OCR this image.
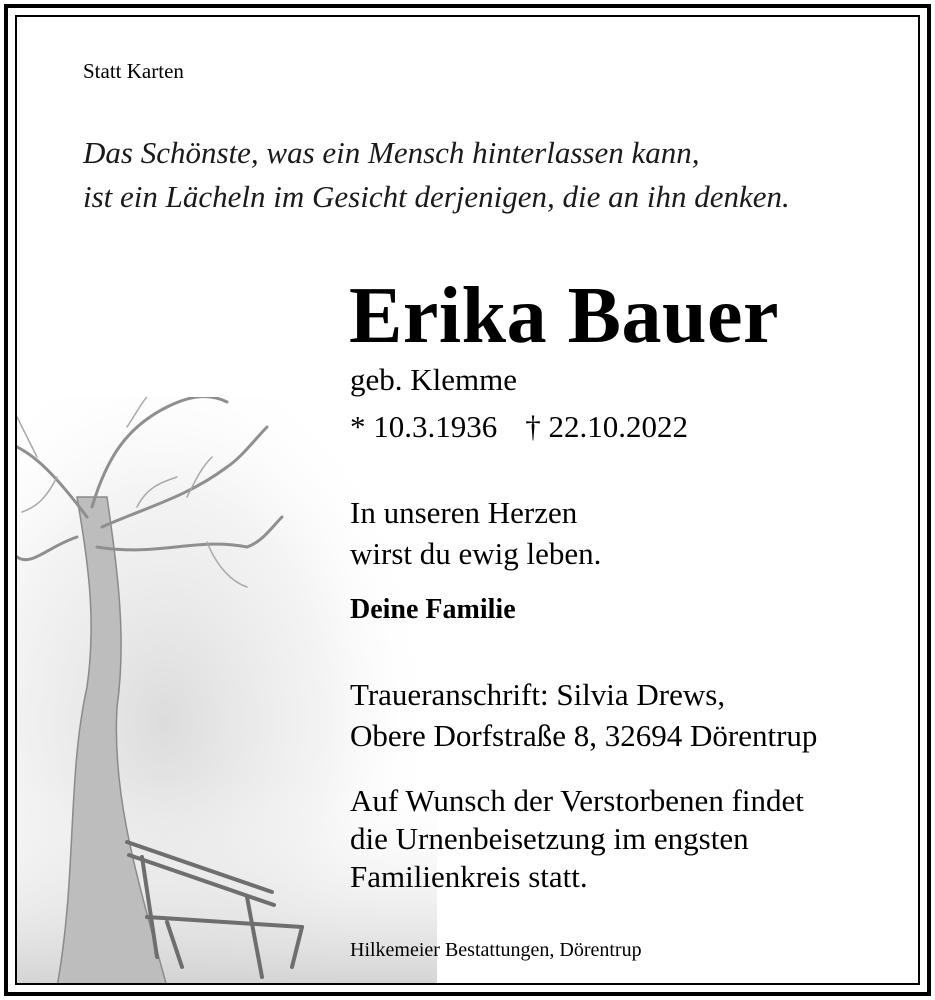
Statt Karten
Das Schönste, was ein Mensch hinterlassen kann,
ist ein Lächeln im Gesicht derjenigen, die an ihn denken.
Erika Bauer
geb. Klemme
* 10.3.1936 † 22.10.2022
In unseren Herzen
wirst du ewig leben.
Deine Familie
Traueranschrift: Silvia Drews,
Obere Dorfstraße 8, 32694 Dörentrup
Auf Wunsch der Verstorbenen findet
die Urnenbeisetzung im engsten
Familienkreis statt.
Hilkemeier Bestattungen, Dörentrup
